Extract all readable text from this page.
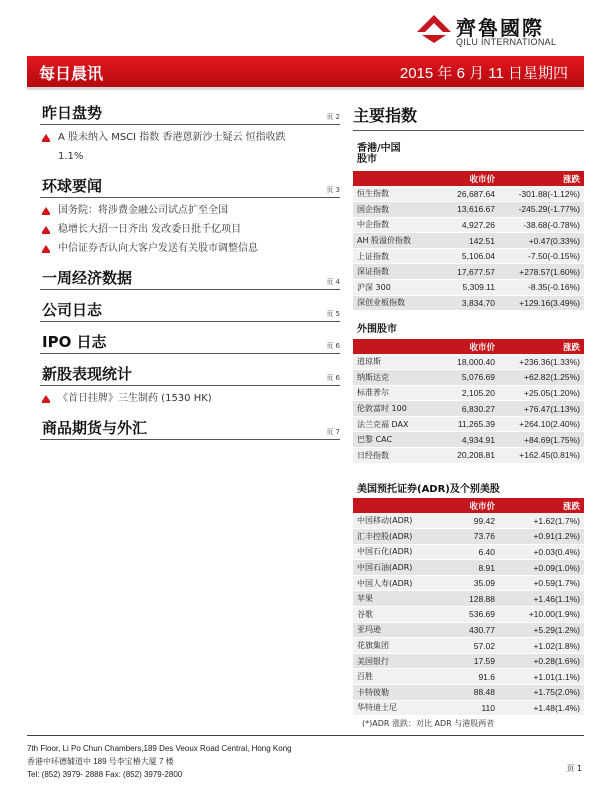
齊魯國際
QILU INTERNATIONAL
每日晨讯	2015 年 6 月 11 日星期四
昨日盘势	页 2
A 股未纳入 MSCI 指数 香港蒽新沙士疑云 恒指收跌
1.1%
环球要闻	页 3
国务院：将涉费金融公司试点扩至全国
稳增长大招一日齐出 发改委日批千亿项目
中信证券否认向大客户发送有关股市调整信息
一周经济数据	页 4
公司日志	页 5
IPO 日志	页 6
新股表现统计	页 6
《首日挂牌》三生制药 (1530 HK)
商品期货与外汇	页 7
主要指数
香港/中国
股市
	收市价	涨跌
恒生指数	26,687.64	-301.88(-1.12%)
国企指数	13,616.67	-245.29(-1.77%)
中企指数	4,927.26	-38.68(-0.78%)
AH 股溢价指数	142.51	+0.47(0.33%)
上证指数	5,106.04	-7.50(-0.15%)
深证指数	17,677.57	+278.57(1.60%)
沪深 300	5,309.11	-8.35(-0.16%)
深创业板指数	3,834.70	+129.16(3.49%)
外围股市
	收市价	涨跌
道琼斯	18,000.40	+236.36(1.33%)
纳斯达克	5,076.69	+62.82(1.25%)
标准普尔	2,105.20	+25.05(1.20%)
伦敦富时 100	6,830.27	+76.47(1.13%)
法兰克福 DAX	11,265.39	+264.10(2.40%)
巴黎 CAC	4,934.91	+84.69(1.75%)
日经指数	20,208.81	+162.45(0.81%)
美国预托证券(ADR)及个别美股
	收市价	涨跌
中国移动(ADR)	99.42	+1.62(1.7%)
汇丰控股(ADR)	73.76	+0.91(1.2%)
中国石化(ADR)	6.40	+0.03(0.4%)
中国石油(ADR)	8.91	+0.09(1.0%)
中国人寿(ADR)	35.09	+0.59(1.7%)
苹果	128.88	+1.46(1.1%)
谷歌	536.69	+10.00(1.9%)
亚玛逊	430.77	+5.29(1.2%)
花旗集团	57.02	+1.02(1.8%)
美国银行	17.59	+0.28(1.6%)
百胜	91.6	+1.01(1.1%)
卡特彼勒	88.48	+1.75(2.0%)
华特迪士尼	110	+1.48(1.4%)
(*)ADR 涨跌：对比 ADR 与港股两者
7th Floor, Li Po Chun Chambers,189 Des Veoux Road Central, Hong Kong
香港中环德辅道中 189 号李宝椿大厦 7 楼
Tel: (852) 3979- 2888 Fax: (852) 3979-2800
页 1
